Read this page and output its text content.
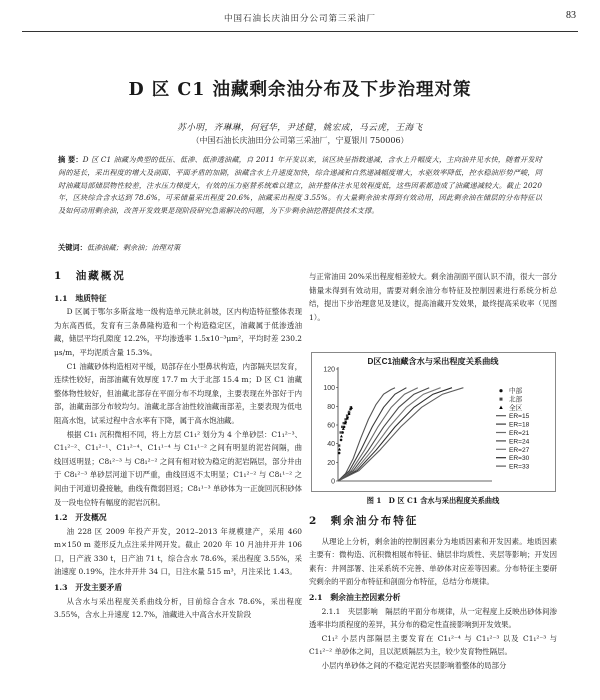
中国石油长庆油田分公司第三采油厂	83
D 区 C1 油藏剩余油分布及下步治理对策
苏小明，齐琳琳，何冠华，尹述健，姚宏成，马云虎，王海飞
（中国石油长庆油田分公司第三采油厂，宁夏银川 750006）
摘 要：D 区 C1 油藏为典型的低压、低渗、低渗透油藏，自 2011 年开发以来，该区块呈指数递减，含水上升幅度大，主向油井见水快，随着开发时间的延长，采出程度的增大及剖面、平面矛盾的加剧，油藏含水上升速度加快，综合递减和自然递减幅度增大，水驱效率降低，控水稳油形势严峻，同时油藏局部储层物性较差，注水压力梯度大，有效的压力驱替系统难以建立，油井整体注水见效程度低，这些因素都造成了油藏递减较大。截止 2020 年，区块综合含水达到 78.6%，可采储量采出程度 20.6%，油藏采出程度 3.55%。有大量剩余油未得到有效动用，因此剩余油在储层的分布特征以及如何动用剩余油，改善开发效果是现阶段研究急需解决的问题，为下步剩余油挖潜提供技术支撑。
关键词：低渗油藏；剩余油；治理对策
1　油藏概况
1.1　地质特征
D 区属于鄂尔多斯盆地一级构造单元陕北斜坡，区内构造特征整体表现为东高西低，发育有三条鼻隆构造和一个构造稳定区，油藏属于低渗透油藏，储层平均孔隙度 12.2%，平均渗透率 1.5x10⁻³μm²，平均时差 230.2 μs/m，平均泥质含量 15.3%。
C1 油藏砂体构造相对平缓，局部存在小型鼻状构造，内部隔夹层发育，连续性较好，南部油藏有效厚度 17.7 m 大于北部 15.4 m；D 区 C1 油藏整体物性较好，但油藏北部存在平面分布不均现象，主要表现在外部好于内部，油藏南部分布较均匀。油藏北部含油性较油藏南部差，主要表现为低电阻高水饱，试采过程中含水率有下降，属于高水饱油藏。
根据 C1₁ 沉积微相不同，将上方层 C1₁² 划分为 4 个单砂层：C1₁²⁻³、C1₁²⁻²、C1₁²⁻¹、C1₁²⁻⁴、C1₁¹⁻⁴ 与 C1₁¹⁻² 之间有明显的泥岩间隔，曲线回返明显；C8₁²⁻³ 与 C8₁²⁻² 之间有相对较为稳定的泥岩隔层，部分井由于 C8₁²⁻³ 单砂层河道下切严重，曲线回返不太明显；C1₁²⁻² 与 C8₁¹⁻² 之间由于河道切叠接触，曲线有微弱回返；C8₁¹⁻³ 单砂体为一正旋回沉积砂体及一段电位特有幅度的泥岩沉积。
1.2　开发概况
油 228 区 2009 年投产开发，2012–2013 年规模建产，采用 460 m×150 m 菱形反九点注采井网开发。截止 2020 年 10 月油井开井 106 口，日产液 330 t，日产油 71 t，综合含水 78.6%，采出程度 3.55%，采油速度 0.19%，注水井开井 34 口，日注水量 515 m³，月注采比 1.43。
1.3　开发主要矛盾
从含水与采出程度关系曲线分析，目前综合含水 78.6%，采出程度 3.55%，含水上升速度 12.7%，油藏进入中高含水开发阶段
与正常油田 20%采出程度相差较大。剩余油剖面平面认识不清，很大一部分储量未得到有效动用，需要对剩余油分布特征及控制因素进行系统分析总结，提出下步治理意见及建议，提高油藏开发效果，最终提高采收率（见图 1）。
D区C1油藏含水与采出程度关系曲线
0
20
40
60
80
100
120
中部
北部
全区
ER=15
ER=18
ER=21
ER=24
ER=27
ER=30
ER=33
图 1　D 区 C1 含水与采出程度关系曲线
2　剩余油分布特征
从理论上分析，剩余油的控制因素分为地质因素和开发因素。地质因素主要有：微构造、沉积微相展布特征、储层非均质性、夹层等影响；开发因素有：井网部署、注采系统不完善、单砂体对应差等因素。分布特征主要研究剩余的平面分布特征和剖面分布特征，总结分布规律。
2.1　剩余油主控因素分析
2.1.1　夹层影响　隔层的平面分布规律，从一定程度上反映出砂体间渗透率非均质程度的差异，其分布的稳定性直接影响到开发效果。
C1₁² 小层内部隔层主要发育在 C1₁²⁻⁴ 与 C1₁²⁻³ 以及 C1₁²⁻³ 与 C1₁²⁻² 单砂体之间，且以泥质隔层为主，较少发育物性隔层。
小层内单砂体之间的不稳定泥岩夹层影响着整体的局部分
